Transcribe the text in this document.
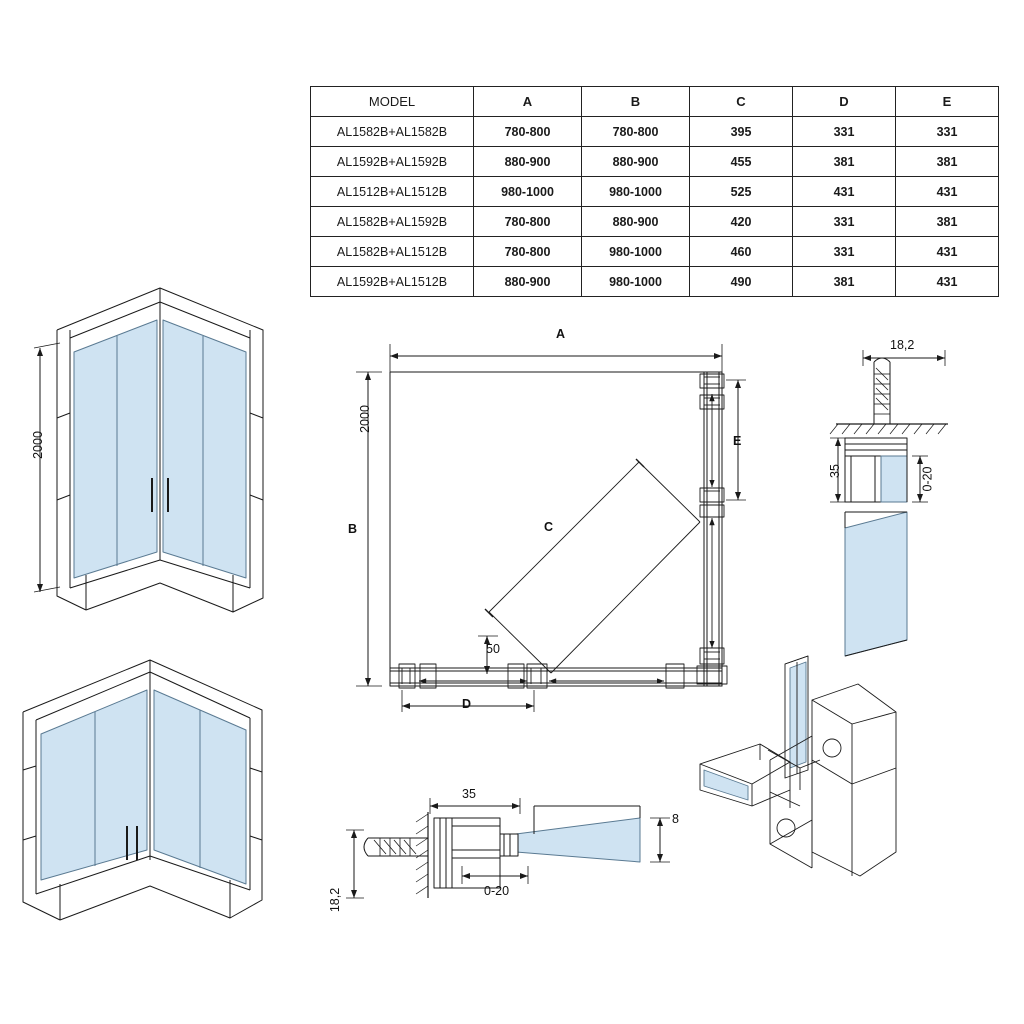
MODEL	A	B	C	D	E
AL1582B+AL1582B	780-800	780-800	395	331	331
AL1592B+AL1592B	880-900	880-900	455	381	381
AL1512B+AL1512B	980-1000	980-1000	525	431	431
AL1582B+AL1592B	780-800	880-900	420	331	381
AL1582B+AL1512B	780-800	980-1000	460	331	431
AL1592B+AL1512B	880-900	980-1000	490	381	431
A
B	C
D
E
50
2000
2000
18,2
35	0-20
35
0-20
8
18,2
